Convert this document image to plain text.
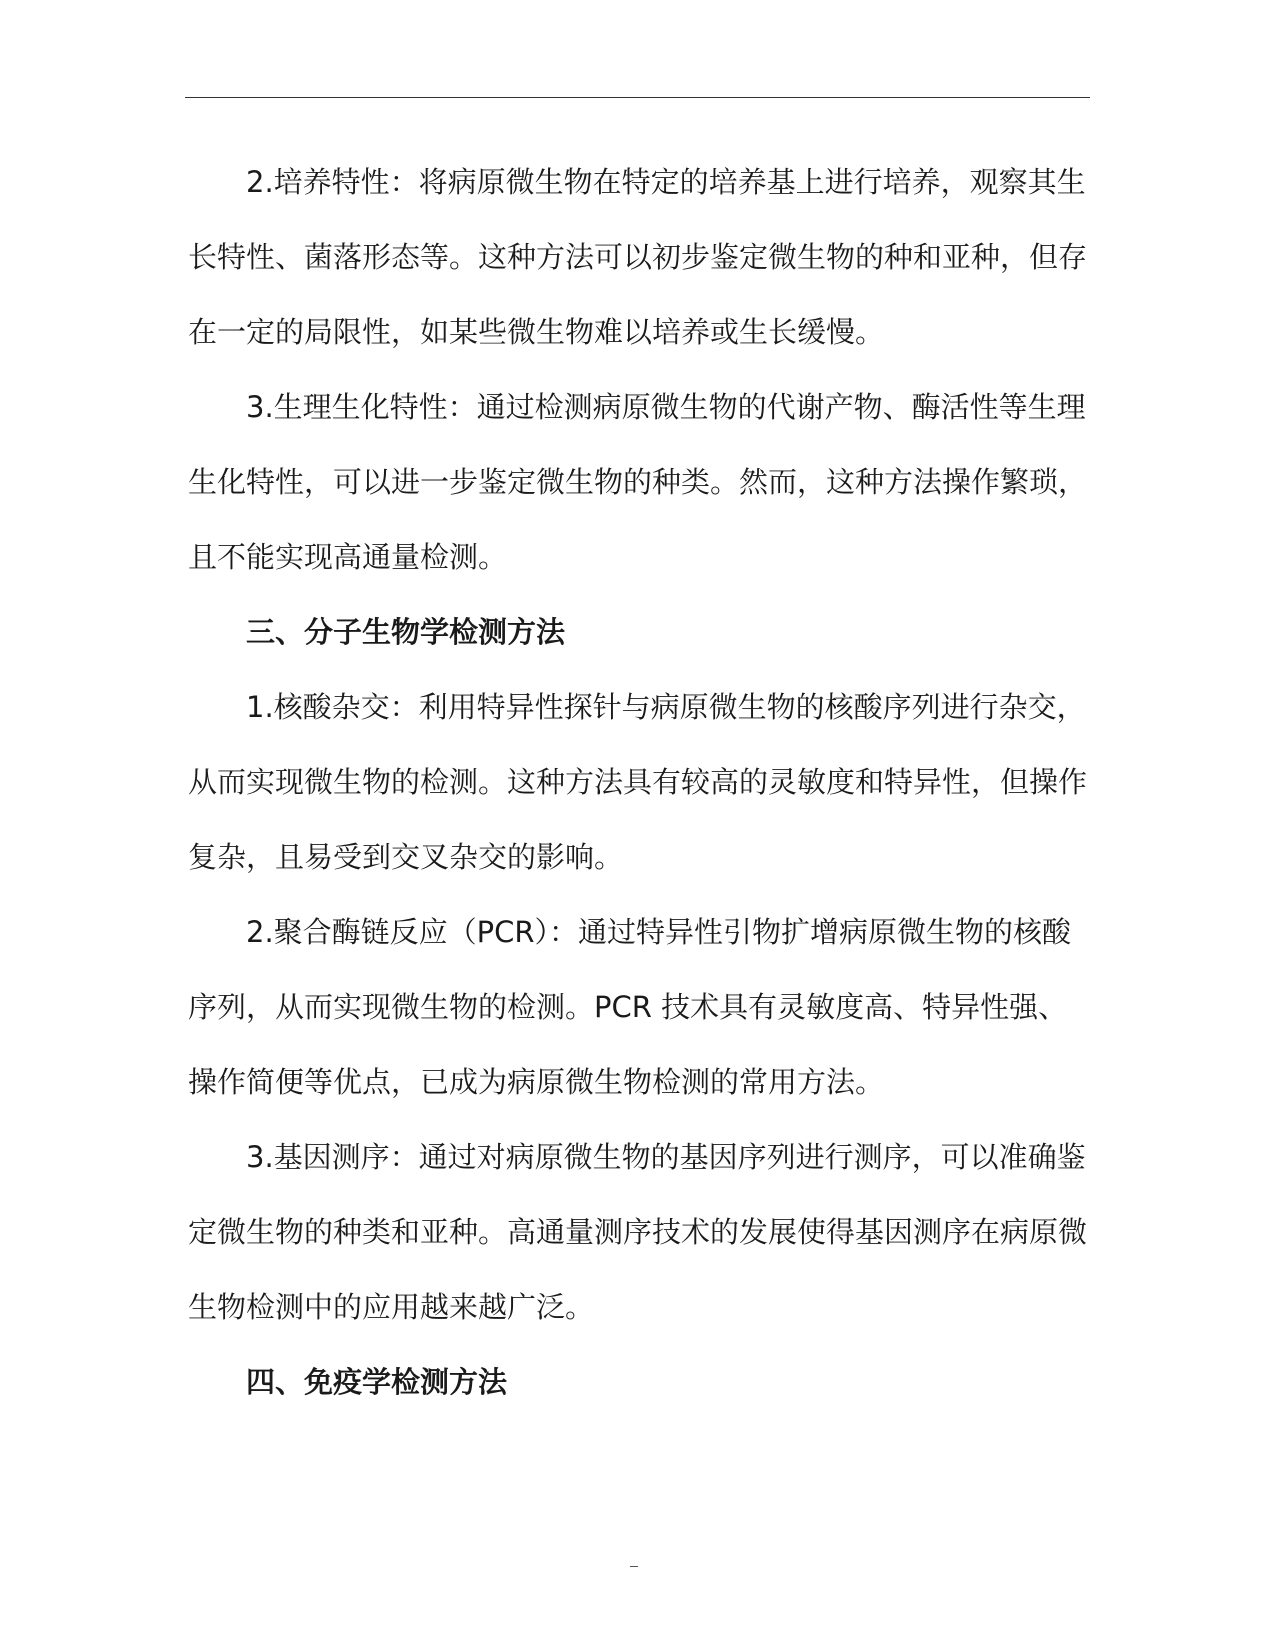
2.培养特性：将病原微生物在特定的培养基上进行培养，观察其生长特性、菌落形态等。这种方法可以初步鉴定微生物的种和亚种，但存在一定的局限性，如某些微生物难以培养或生长缓慢。

3.生理生化特性：通过检测病原微生物的代谢产物、酶活性等生理生化特性，可以进一步鉴定微生物的种类。然而，这种方法操作繁琐，且不能实现高通量检测。

三、分子生物学检测方法

1.核酸杂交：利用特异性探针与病原微生物的核酸序列进行杂交，从而实现微生物的检测。这种方法具有较高的灵敏度和特异性，但操作复杂，且易受到交叉杂交的影响。

2.聚合酶链反应（PCR）：通过特异性引物扩增病原微生物的核酸序列，从而实现微生物的检测。PCR 技术具有灵敏度高、特异性强、操作简便等优点，已成为病原微生物检测的常用方法。

3.基因测序：通过对病原微生物的基因序列进行测序，可以准确鉴定微生物的种类和亚种。高通量测序技术的发展使得基因测序在病原微生物检测中的应用越来越广泛。

四、免疫学检测方法
